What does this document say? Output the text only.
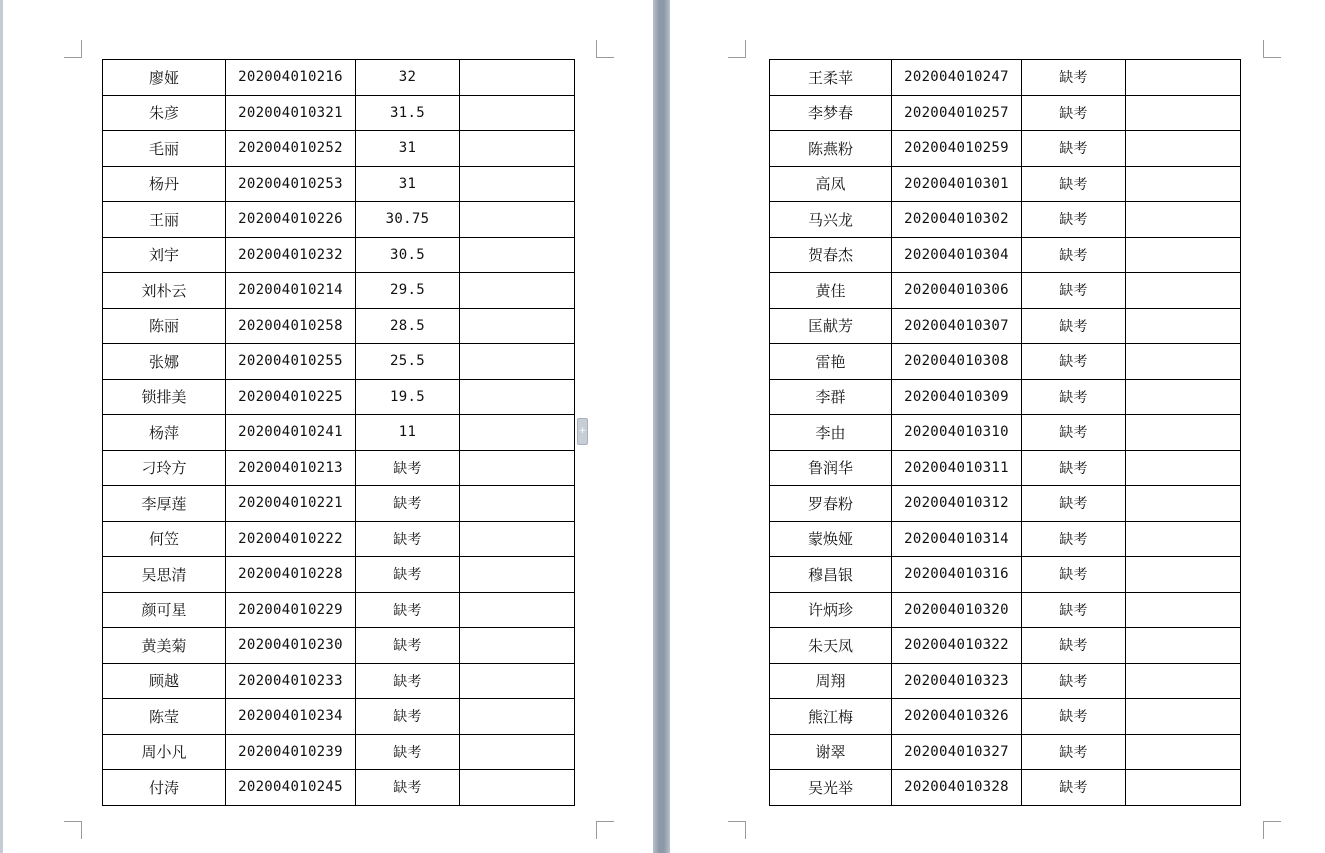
廖娅	202004010216	32	
朱彦	202004010321	31.5	
毛丽	202004010252	31	
杨丹	202004010253	31	
王丽	202004010226	30.75	
刘宇	202004010232	30.5	
刘朴云	202004010214	29.5	
陈丽	202004010258	28.5	
张娜	202004010255	25.5	
锁排美	202004010225	19.5	
杨萍	202004010241	11	
刁玲方	202004010213	缺考	
李厚莲	202004010221	缺考	
何笠	202004010222	缺考	
吴思清	202004010228	缺考	
颜可星	202004010229	缺考	
黄美菊	202004010230	缺考	
顾越	202004010233	缺考	
陈莹	202004010234	缺考	
周小凡	202004010239	缺考	
付涛	202004010245	缺考	
+
王柔苹	202004010247	缺考	
李梦春	202004010257	缺考	
陈燕粉	202004010259	缺考	
高凤	202004010301	缺考	
马兴龙	202004010302	缺考	
贺春杰	202004010304	缺考	
黄佳	202004010306	缺考	
匡献芳	202004010307	缺考	
雷艳	202004010308	缺考	
李群	202004010309	缺考	
李由	202004010310	缺考	
鲁润华	202004010311	缺考	
罗春粉	202004010312	缺考	
蒙焕娅	202004010314	缺考	
穆昌银	202004010316	缺考	
许炳珍	202004010320	缺考	
朱天凤	202004010322	缺考	
周翔	202004010323	缺考	
熊江梅	202004010326	缺考	
谢翠	202004010327	缺考	
吴光举	202004010328	缺考	
